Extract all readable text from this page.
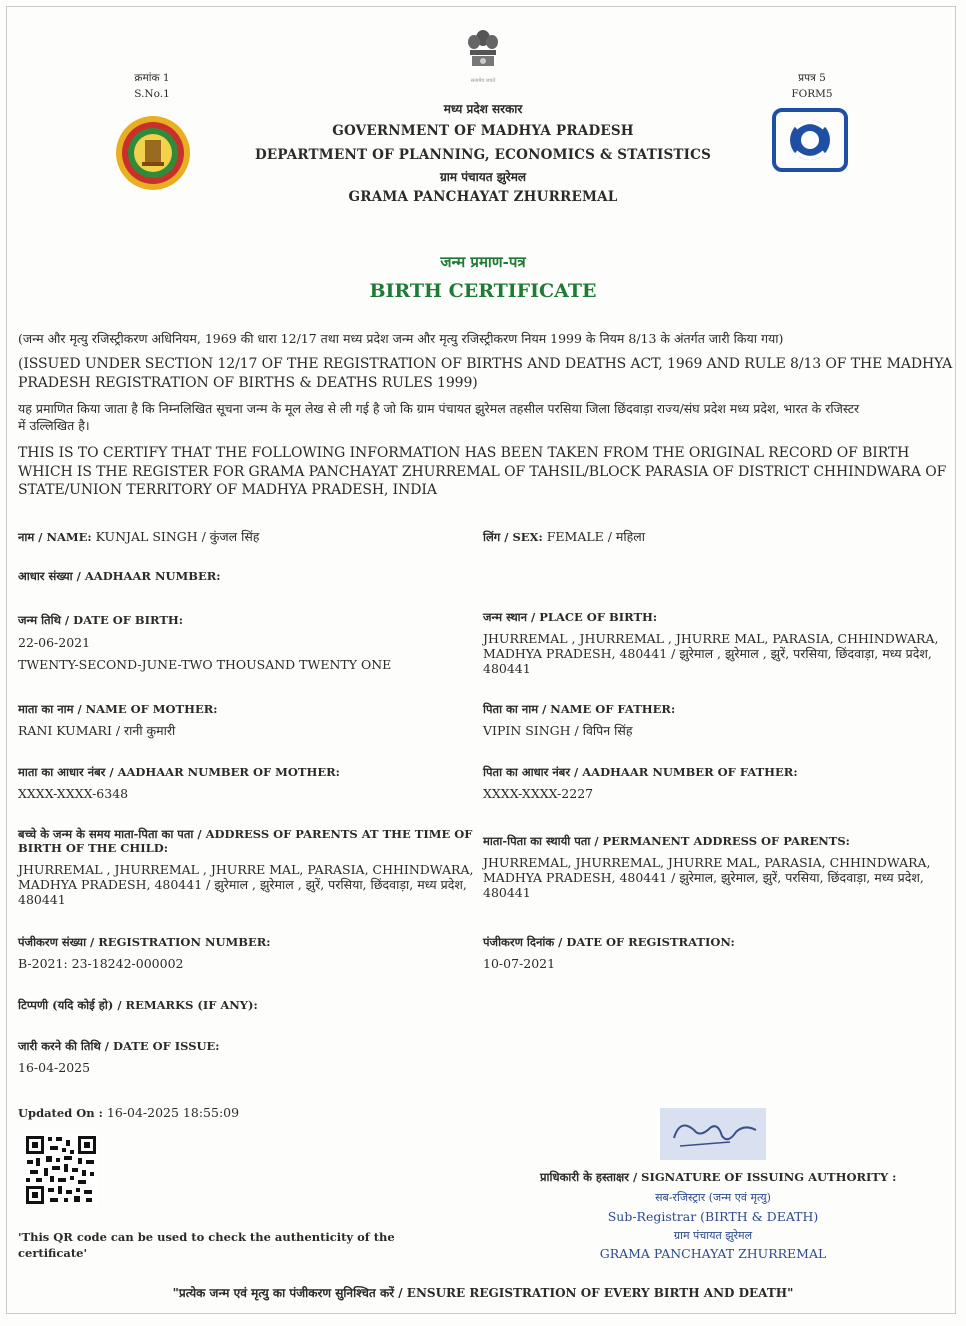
क्रमांक 1
S.No.1
प्रपत्र 5
FORM5
सत्यमेव जयते
मध्य प्रदेश सरकार
GOVERNMENT OF MADHYA PRADESH
DEPARTMENT OF PLANNING, ECONOMICS & STATISTICS
ग्राम पंचायत झुरेमल
GRAMA PANCHAYAT ZHURREMAL
जन्म प्रमाण-पत्र
BIRTH CERTIFICATE
(जन्म और मृत्यु रजिस्ट्रीकरण अधिनियम, 1969 की धारा 12/17 तथा मध्य प्रदेश जन्म और मृत्यु रजिस्ट्रीकरण नियम 1999 के नियम 8/13 के अंतर्गत जारी किया गया)
(ISSUED UNDER SECTION 12/17 OF THE REGISTRATION OF BIRTHS AND DEATHS ACT, 1969 AND RULE 8/13 OF THE MADHYA
PRADESH REGISTRATION OF BIRTHS & DEATHS RULES 1999)
यह प्रमाणित किया जाता है कि निम्नलिखित सूचना जन्म के मूल लेख से ली गई है जो कि ग्राम पंचायत झुरेमल तहसील परसिया जिला छिंदवाड़ा राज्य/संघ प्रदेश मध्य प्रदेश, भारत के रजिस्टर
में उल्लिखित है।
THIS IS TO CERTIFY THAT THE FOLLOWING INFORMATION HAS BEEN TAKEN FROM THE ORIGINAL RECORD OF BIRTH
WHICH IS THE REGISTER FOR GRAMA PANCHAYAT ZHURREMAL OF TAHSIL/BLOCK PARASIA OF DISTRICT CHHINDWARA OF
STATE/UNION TERRITORY OF MADHYA PRADESH, INDIA
नाम / NAME: KUNJAL SINGH / कुंजल सिंह	लिंग / SEX: FEMALE / महिला
आधार संख्या / AADHAAR NUMBER:
जन्म तिथि / DATE OF BIRTH:
22-06-2021
TWENTY-SECOND-JUNE-TWO THOUSAND TWENTY ONE
जन्म स्थान / PLACE OF BIRTH:
JHURREMAL , JHURREMAL , JHURRE MAL, PARASIA, CHHINDWARA,
MADHYA PRADESH, 480441 / झुरेमाल , झुरेमाल , झुरें, परसिया, छिंदवाड़ा, मध्य प्रदेश,
480441
माता का नाम / NAME OF MOTHER:
RANI KUMARI / रानी कुमारी
पिता का नाम / NAME OF FATHER:
VIPIN SINGH / विपिन सिंह
माता का आधार नंबर / AADHAAR NUMBER OF MOTHER:
XXXX-XXXX-6348
पिता का आधार नंबर / AADHAAR NUMBER OF FATHER:
XXXX-XXXX-2227
बच्चे के जन्म के समय माता-पिता का पता / ADDRESS OF PARENTS AT THE TIME OF
BIRTH OF THE CHILD:
JHURREMAL , JHURREMAL , JHURRE MAL, PARASIA, CHHINDWARA,
MADHYA PRADESH, 480441 / झुरेमाल , झुरेमाल , झुरें, परसिया, छिंदवाड़ा, मध्य प्रदेश,
480441
माता-पिता का स्थायी पता / PERMANENT ADDRESS OF PARENTS:
JHURREMAL, JHURREMAL, JHURRE MAL, PARASIA, CHHINDWARA,
MADHYA PRADESH, 480441 / झुरेमाल, झुरेमाल, झुरें, परसिया, छिंदवाड़ा, मध्य प्रदेश,
480441
पंजीकरण संख्या / REGISTRATION NUMBER:
B-2021: 23-18242-000002
पंजीकरण दिनांक / DATE OF REGISTRATION:
10-07-2021
टिप्पणी (यदि कोई हो) / REMARKS (IF ANY):
जारी करने की तिथि / DATE OF ISSUE:
16-04-2025
Updated On : 16-04-2025 18:55:09
'This QR code can be used to check the authenticity of the
certificate'
प्राधिकारी के हस्ताक्षर / SIGNATURE OF ISSUING AUTHORITY :
सब-रजिस्ट्रार (जन्म एवं मृत्यु)
Sub-Registrar (BIRTH & DEATH)
ग्राम पंचायत झुरेमल
GRAMA PANCHAYAT ZHURREMAL
"प्रत्येक जन्म एवं मृत्यु का पंजीकरण सुनिश्चित करें / ENSURE REGISTRATION OF EVERY BIRTH AND DEATH"
